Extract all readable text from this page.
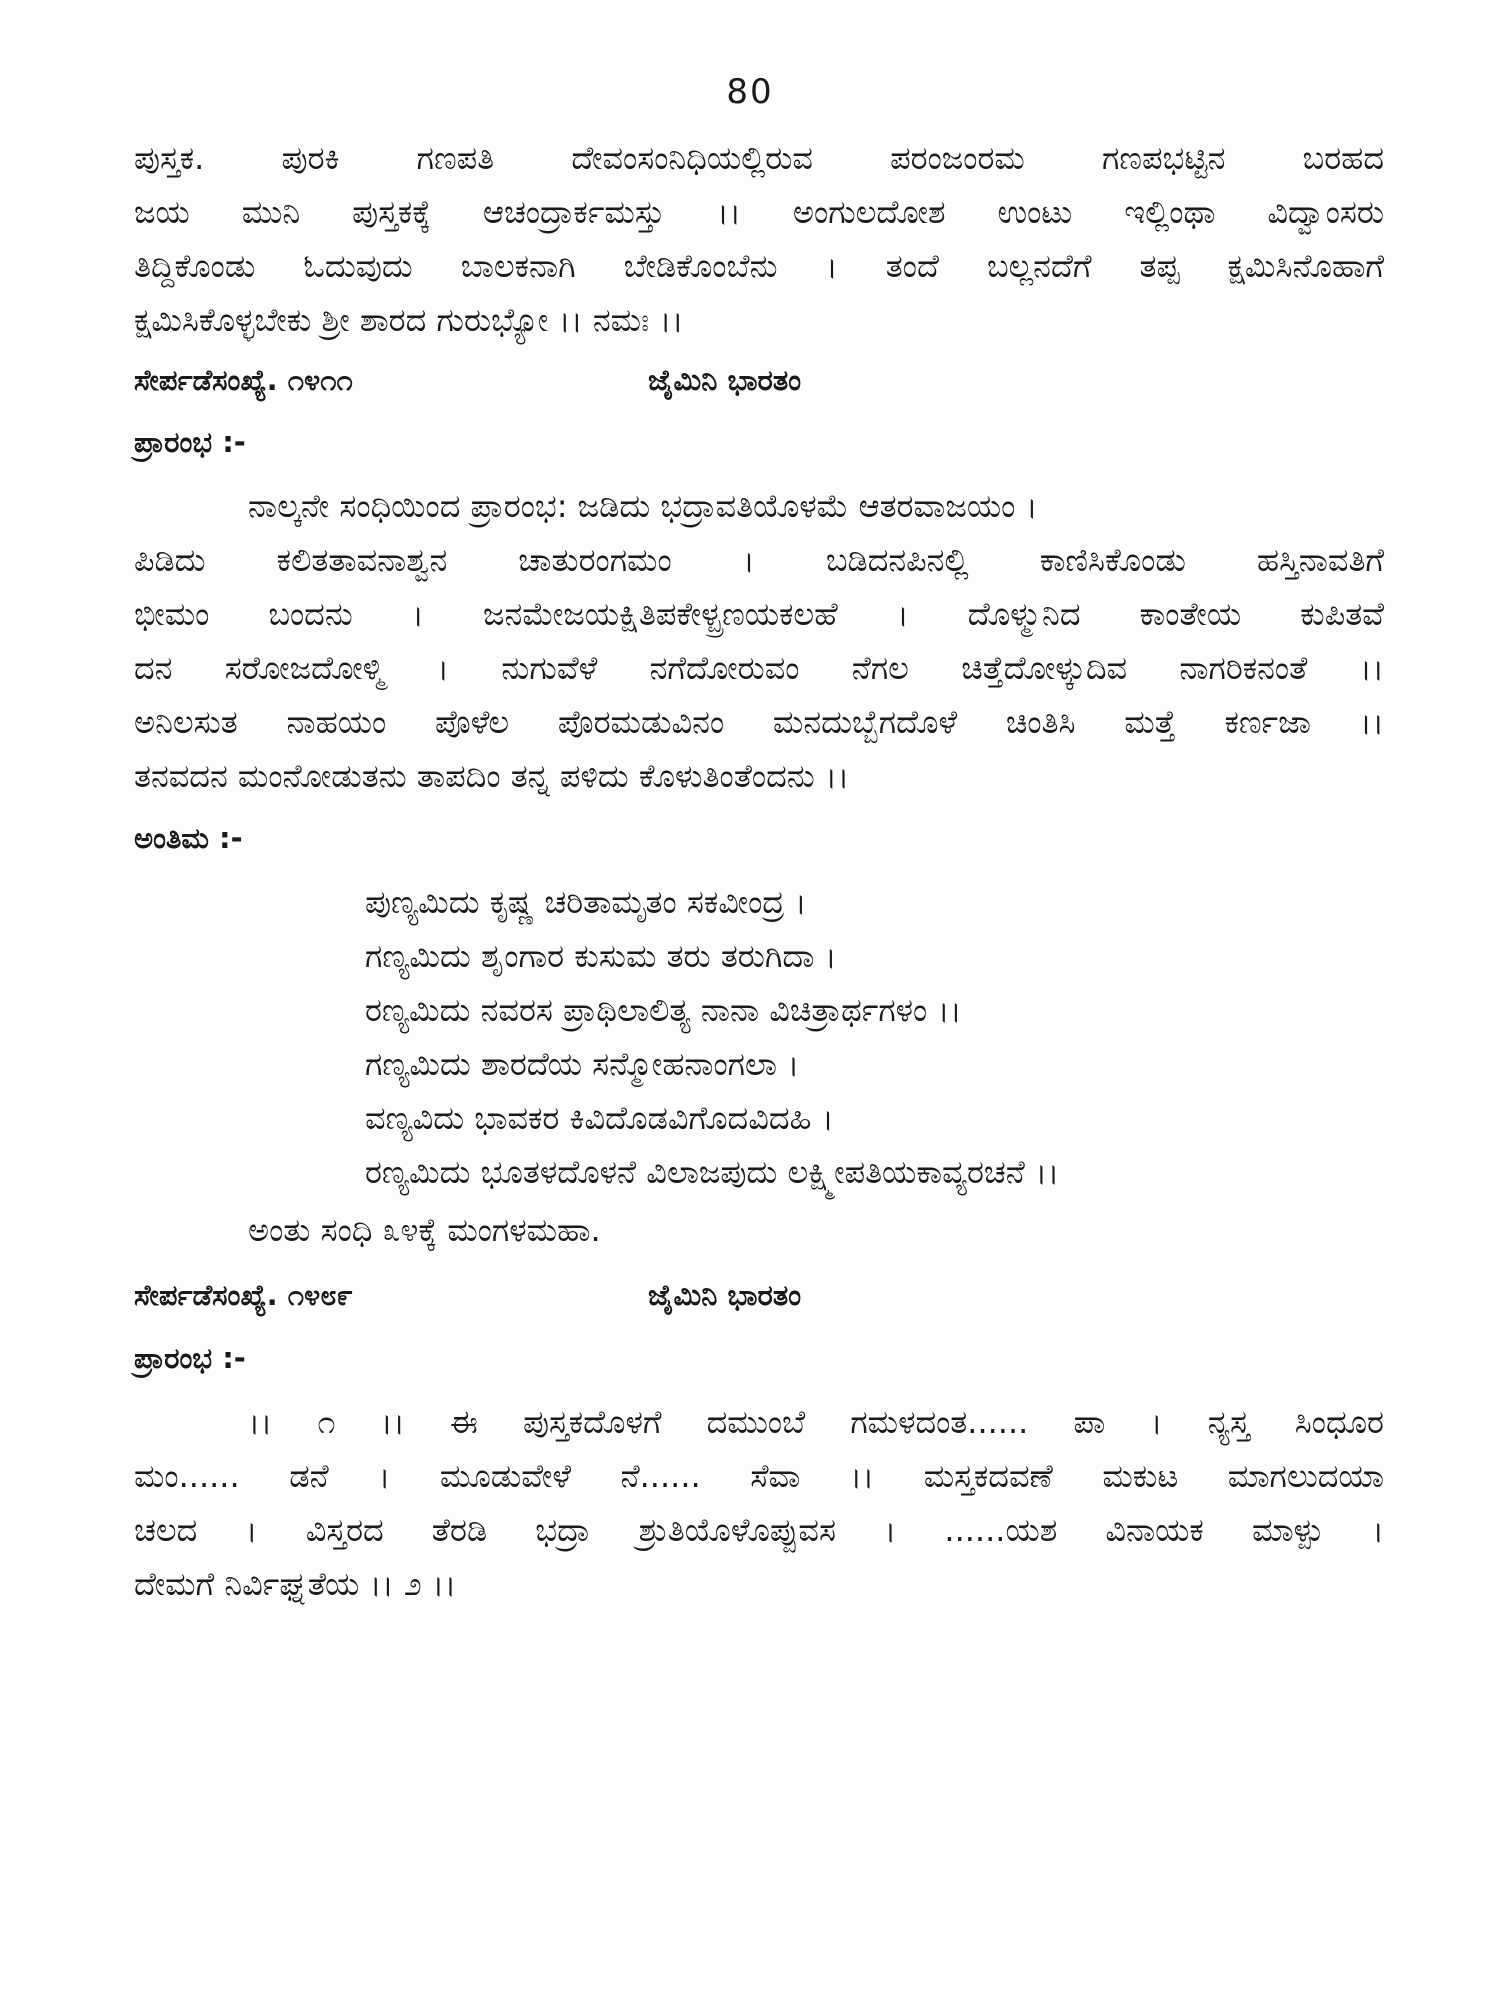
80
ಪುಸ್ತಕ. ಪುರಕಿ ಗಣಪತಿ ದೇವಂಸಂನಿಧಿಯಲ್ಲಿರುವ ಪರಂಜಂರಮ ಗಣಪಭಟ್ಟಿನ ಬರಹದ
ಜಯ ಮುನಿ ಪುಸ್ತಕಕ್ಕೆ ಆಚಂದ್ರಾರ್ಕಮಸ್ತು ।। ಅಂಗುಲದೋಶ ಉಂಟು ಇಲ್ಲಿಂಥಾ ವಿದ್ವಾಂಸರು
ತಿದ್ದಿಕೊಂಡು ಓದುವುದು ಬಾಲಕನಾಗಿ ಬೇಡಿಕೊಂಬೆನು । ತಂದೆ ಬಲ್ಲನದೆಗೆ ತಪ್ಪ ಕ್ಷಮಿಸಿನೊಹಾಗೆ
ಕ್ಷಮಿಸಿಕೊಳ್ಳಬೇಕು ಶ್ರೀ ಶಾರದ ಗುರುಭ್ಯೋ ।। ನಮಃ ।।
ಸೇರ್ಪಡೆಸಂಖ್ಯೆ. ೧೪೧೧	ಜೈಮಿನಿ ಭಾರತಂ
ಪ್ರಾರಂಭ :-
ನಾಲ್ಕನೇ ಸಂಧಿಯಿಂದ ಪ್ರಾರಂಭ: ಜಡಿದು ಭದ್ರಾವತಿಯೊಳಮೆ ಆತರವಾಜಯಂ ।
ಪಿಡಿದು ಕಲಿತತಾವನಾಶ್ವನ ಚಾತುರಂಗಮಂ । ಬಡಿದನಪಿನಲ್ಲಿ ಕಾಣಿಸಿಕೊಂಡು ಹಸ್ತಿನಾವತಿಗೆ
ಭೀಮಂ ಬಂದನು । ಜನಮೇಜಯಕ್ಷಿತಿಪಕೇಳ್ಪ್ರಣಯಕಲಹೆ । ದೊಳ್ಮುನಿದ ಕಾಂತೇಯ ಕುಪಿತವೆ
ದನ ಸರೋಜದೋಳ್ಮಿ । ನುಗುವೆಳೆ ನಗೆದೋರುವಂ ನೆಗಲ ಚಿತ್ತೆದೋಳ್ಕುದಿವ ನಾಗರಿಕನಂತೆ ।।
ಅನಿಲಸುತ ನಾಹಯಂ ಪೊಳೆಲ ಪೊರಮಡುವಿನಂ ಮನದುಬ್ಬೆಗದೊಳೆ ಚಿಂತಿಸಿ ಮತ್ತೆ ಕರ್ಣಜಾ ।।
ತನವದನ ಮಂನೋಡುತನು ತಾಪದಿಂ ತನ್ನ ಪಳಿದು ಕೊಳುತಿಂತೆಂದನು ।।
ಅಂತಿಮ :-
ಪುಣ್ಯಮಿದು ಕೃಷ್ಣ ಚರಿತಾಮೃತಂ ಸಕವೀಂದ್ರ ।
ಗಣ್ಯಮಿದು ಶೃಂಗಾರ ಕುಸುಮ ತರು ತರುಗಿದಾ ।
ರಣ್ಯಮಿದು ನವರಸ ಪ್ರಾಥಿಲಾಲಿತ್ಯ ನಾನಾ ವಿಚಿತ್ರಾರ್ಥಗಳಂ ।।
ಗಣ್ಯಮಿದು ಶಾರದೆಯ ಸನ್ಮೋಹನಾಂಗಲಾ ।
ವಣ್ಯವಿದು ಭಾವಕರ ಕಿವಿದೊಡವಿಗೊದವಿದಹಿ ।
ರಣ್ಯಮಿದು ಭೂತಳದೊಳನೆ ವಿಲಾಜಪುದು ಲಕ್ಷ್ಮೀಪತಿಯಕಾವ್ಯರಚನೆ ।।
ಅಂತು ಸಂಧಿ ೩೪ಕ್ಕೆ ಮಂಗಳಮಹಾ.
ಸೇರ್ಪಡೆಸಂಖ್ಯೆ. ೧೪೮೯	ಜೈಮಿನಿ ಭಾರತಂ
ಪ್ರಾರಂಭ :-
।। ೧ ।। ಈ ಪುಸ್ತಕದೊಳಗೆ ದಮುಂಬೆ ಗಮಳದಂತ...... ಪಾ । ನ್ಯಸ್ತ ಸಿಂಧೂರ
ಮಂ...... ಡನೆ । ಮೂಡುವೇಳೆ ನೆ...... ಸೆವಾ ।। ಮಸ್ತಕದವಣೆ ಮಕುಟ ಮಾಗಲುದಯಾ
ಚಲದ । ವಿಸ್ತರದ ತೆರಡಿ ಭದ್ರಾ ಶ್ರುತಿಯೊಳೊಪ್ಪುವಸ । ......ಯಶ ವಿನಾಯಕ ಮಾಳ್ಪು ।
ದೇಮಗೆ ನಿರ್ವಿಘ್ನತೆಯ ।। ೨ ।।
